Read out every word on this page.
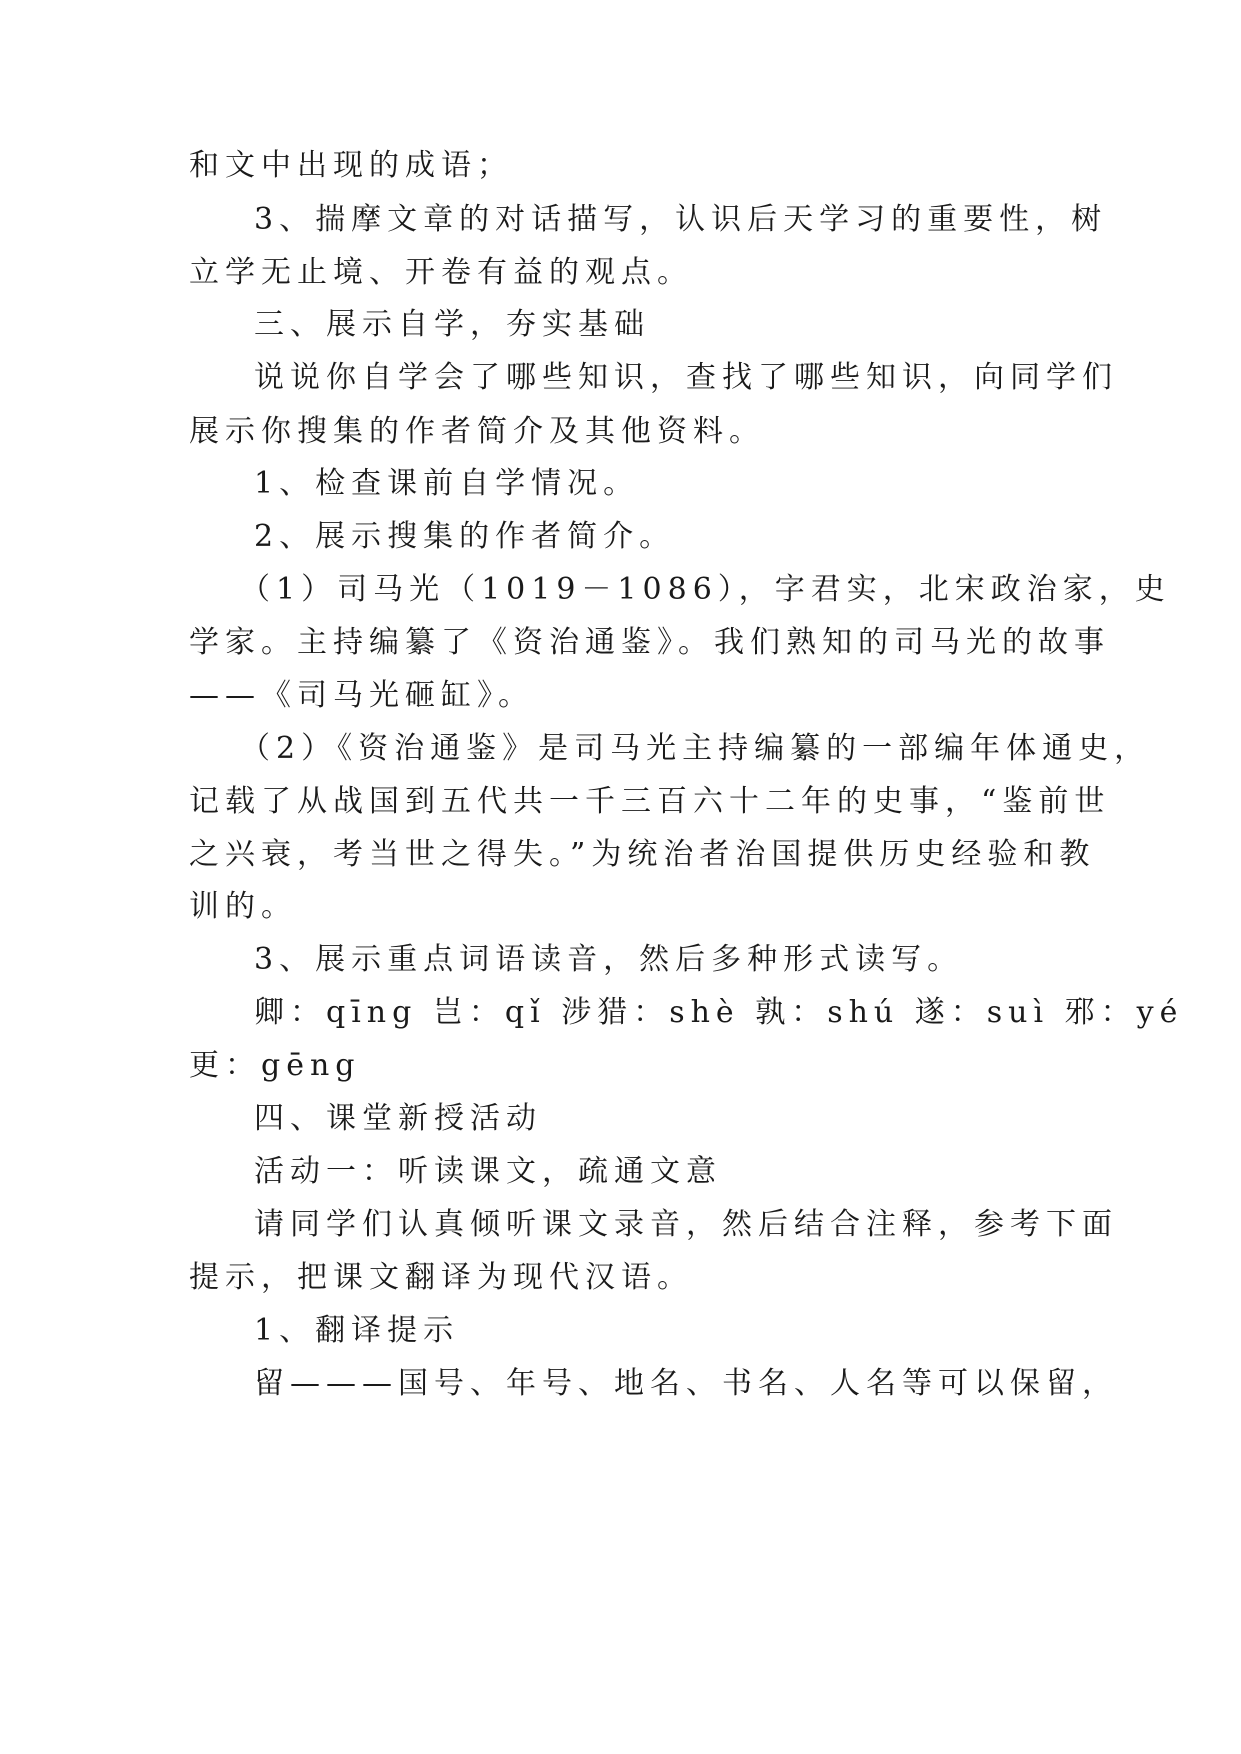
和文中出现的成语；
3、揣摩文章的对话描写，认识后天学习的重要性，树
立学无止境、开卷有益的观点。
三、展示自学，夯实基础
说说你自学会了哪些知识，查找了哪些知识，向同学们
展示你搜集的作者简介及其他资料。
1、检查课前自学情况。
2、展示搜集的作者简介。
（1）司马光（1019－1086），字君实，北宋政治家，史
学家。主持编纂了《资治通鉴》。我们熟知的司马光的故事
——《司马光砸缸》。
（2）《资治通鉴》是司马光主持编纂的一部编年体通史，
记载了从战国到五代共一千三百六十二年的史事，“鉴前世
之兴衰，考当世之得失。”为统治者治国提供历史经验和教
训的。
3、展示重点词语读音，然后多种形式读写。
卿：qīng 岂：qǐ 涉猎：shè 孰：shú 遂：suì 邪：yé
更：gēng
四、课堂新授活动
活动一：听读课文，疏通文意
请同学们认真倾听课文录音，然后结合注释，参考下面
提示，把课文翻译为现代汉语。
1、翻译提示
留———国号、年号、地名、书名、人名等可以保留，
